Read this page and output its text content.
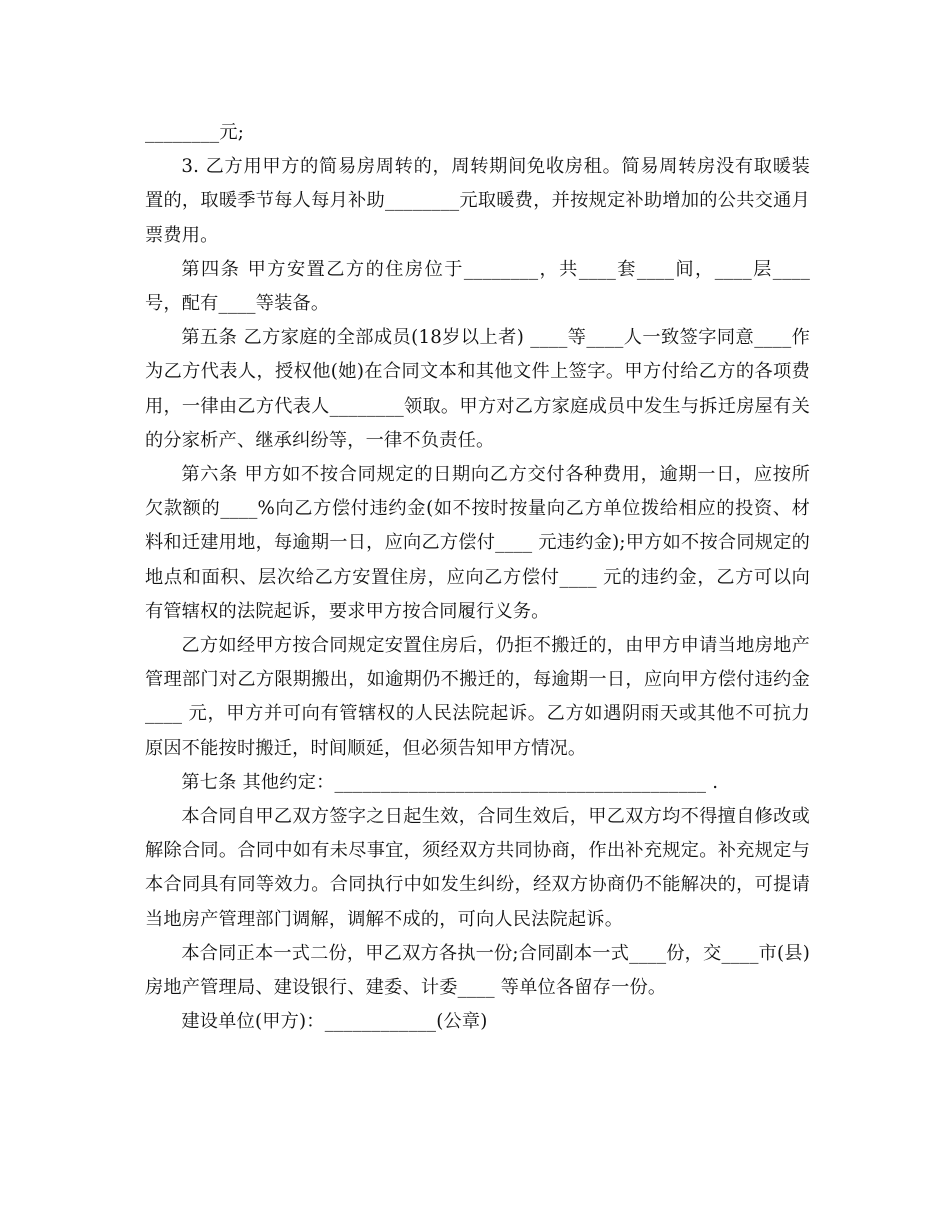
________元;

3. 乙方用甲方的简易房周转的，周转期间免收房租。简易周转房没有取暖装置的，取暖季节每人每月补助________元取暖费，并按规定补助增加的公共交通月票费用。

第四条 甲方安置乙方的住房位于________，共____套____间，____层____号，配有____等装备。

第五条 乙方家庭的全部成员(18岁以上者) ____等____人一致签字同意____作为乙方代表人，授权他(她)在合同文本和其他文件上签字。甲方付给乙方的各项费用，一律由乙方代表人________领取。甲方对乙方家庭成员中发生与拆迁房屋有关的分家析产、继承纠纷等，一律不负责任。

第六条 甲方如不按合同规定的日期向乙方交付各种费用，逾期一日，应按所欠款额的____%向乙方偿付违约金(如不按时按量向乙方单位拨给相应的投资、材料和迁建用地，每逾期一日，应向乙方偿付____ 元违约金);甲方如不按合同规定的地点和面积、层次给乙方安置住房，应向乙方偿付____ 元的违约金，乙方可以向有管辖权的法院起诉，要求甲方按合同履行义务。

乙方如经甲方按合同规定安置住房后，仍拒不搬迁的，由甲方申请当地房地产管理部门对乙方限期搬出，如逾期仍不搬迁的，每逾期一日，应向甲方偿付违约金____ 元，甲方并可向有管辖权的人民法院起诉。乙方如遇阴雨天或其他不可抗力原因不能按时搬迁，时间顺延，但必须告知甲方情况。

第七条 其他约定：________________________________________ .

本合同自甲乙双方签字之日起生效，合同生效后，甲乙双方均不得擅自修改或解除合同。合同中如有未尽事宜，须经双方共同协商，作出补充规定。补充规定与本合同具有同等效力。合同执行中如发生纠纷，经双方协商仍不能解决的，可提请当地房产管理部门调解，调解不成的，可向人民法院起诉。

本合同正本一式二份，甲乙双方各执一份;合同副本一式____份，交____市(县)房地产管理局、建设银行、建委、计委____ 等单位各留存一份。

建设单位(甲方)：____________(公章)
